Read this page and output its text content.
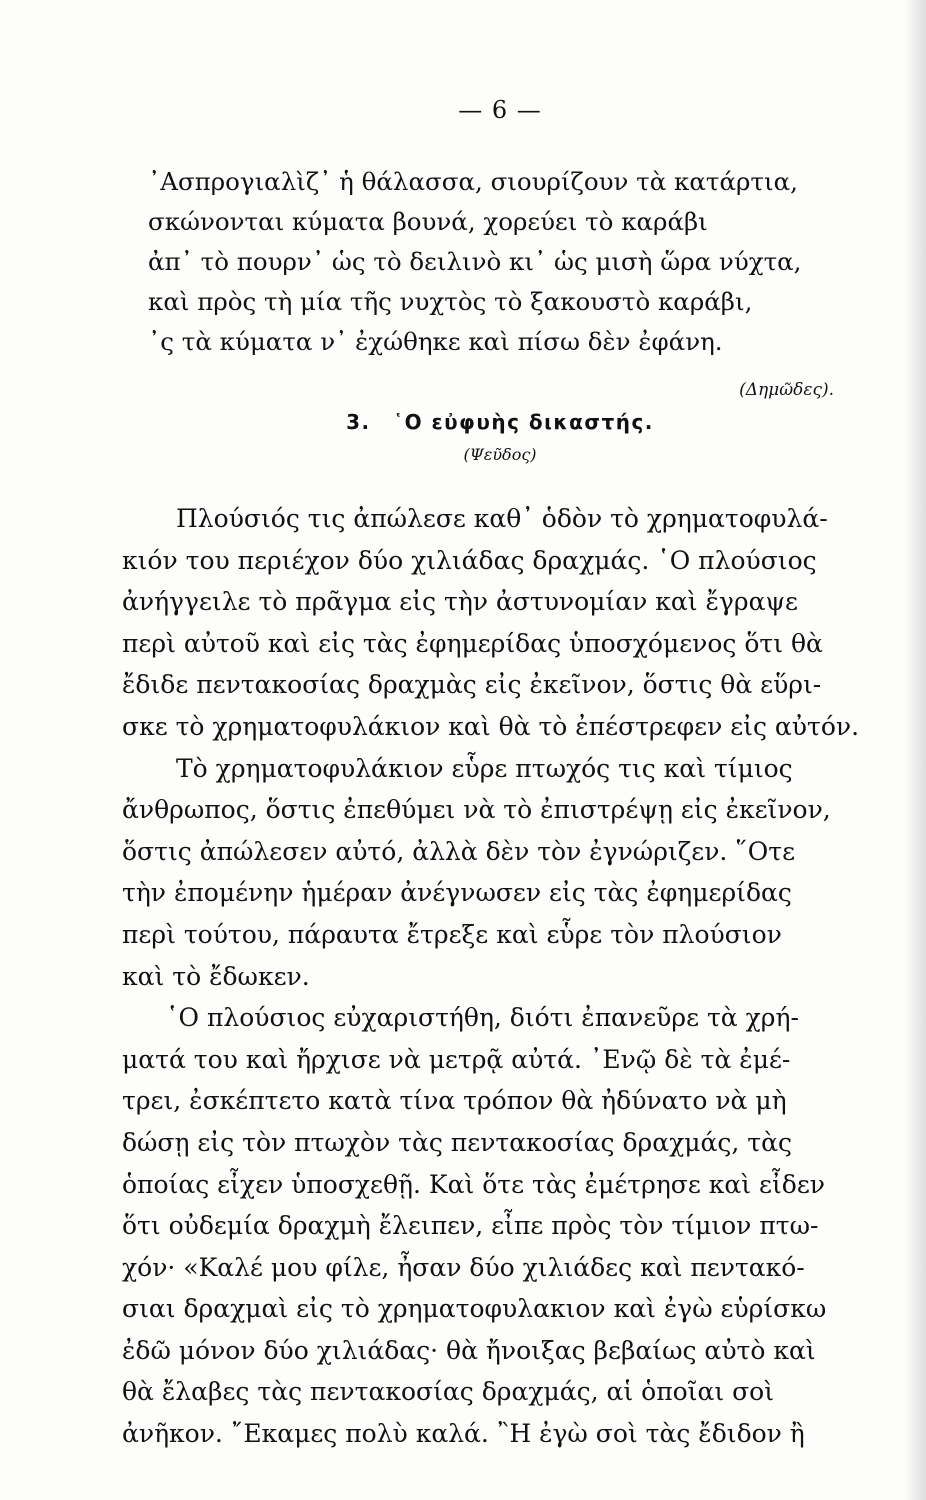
— 6 —
᾿Ασπρογιαλὶζ᾿ ἡ θάλασσα, σιουρίζουν τὰ κατάρτια,
σκώνονται κύματα βουνά, χορεύει τὸ καράβι
ἀπ᾿ τὸ πουρν᾿ ὡς τὸ δειλινὸ κι᾿ ὡς μισὴ ὥρα νύχτα,
καὶ πρὸς τὴ μία τῆς νυχτὸς τὸ ξακουστὸ καράβι,
᾿ς τὰ κύματα ν᾿ ἐχώθηκε καὶ πίσω δὲν ἐφάνη.
(Δημῶδες).
3. ῾Ο εὐφυὴς δικαστής.
(Ψεῦδος)
Πλούσιός τις ἀπώλεσε καθ᾿ ὁδὸν τὸ χρηματοφυλά-
κιόν του περιέχον δύο χιλιάδας δραχμάς. ῾Ο πλούσιος
ἀνήγγειλε τὸ πρᾶγμα εἰς τὴν ἀστυνομίαν καὶ ἔγραψε
περὶ αὐτοῦ καὶ εἰς τὰς ἐφημερίδας ὑποσχόμενος ὅτι θὰ
ἔδιδε πεντακοσίας δραχμὰς εἰς ἐκεῖνον, ὅστις θὰ εὕρι-
σκε τὸ χρηματοφυλάκιον καὶ θὰ τὸ ἐπέστρεφεν εἰς αὐτόν.
Τὸ χρηματοφυλάκιον εὗρε πτωχός τις καὶ τίμιος
ἄνθρωπος, ὅστις ἐπεθύμει νὰ τὸ ἐπιστρέψῃ εἰς ἐκεῖνον,
ὅστις ἀπώλεσεν αὐτό, ἀλλὰ δὲν τὸν ἐγνώριζεν. ῞Οτε
τὴν ἐπομένην ἡμέραν ἀνέγνωσεν εἰς τὰς ἐφημερίδας
περὶ τούτου, πάραυτα ἔτρεξε καὶ εὗρε τὸν πλούσιον
καὶ τὸ ἔδωκεν.
῾Ο πλούσιος εὐχαριστήθη, διότι ἐπανεῦρε τὰ χρή-
ματά του καὶ ἤρχισε νὰ μετρᾷ αὐτά. ᾿Ενῷ δὲ τὰ ἐμέ-
τρει, ἐσκέπτετο κατὰ τίνα τρόπον θὰ ἠδύνατο νὰ μὴ
δώσῃ εἰς τὸν πτωχὸν τὰς πεντακοσίας δραχμάς, τὰς
ὁποίας εἶχεν ὑποσχεθῇ. Καὶ ὅτε τὰς ἐμέτρησε καὶ εἶδεν
ὅτι οὐδεμία δραχμὴ ἔλειπεν, εἶπε πρὸς τὸν τίμιον πτω-
χόν· «Καλέ μου φίλε, ἦσαν δύο χιλιάδες καὶ πεντακό-
σιαι δραχμαὶ εἰς τὸ χρηματοφυλακιον καὶ ἐγὼ εὑρίσκω
ἐδῶ μόνον δύο χιλιάδας· θὰ ἤνοιξας βεβαίως αὐτὸ καὶ
θὰ ἔλαβες τὰς πεντακοσίας δραχμάς, αἱ ὁποῖαι σοὶ
ἀνῆκον. ῎Εκαμες πολὺ καλά. ῍Η ἐγὼ σοὶ τὰς ἔδιδον ἢ
